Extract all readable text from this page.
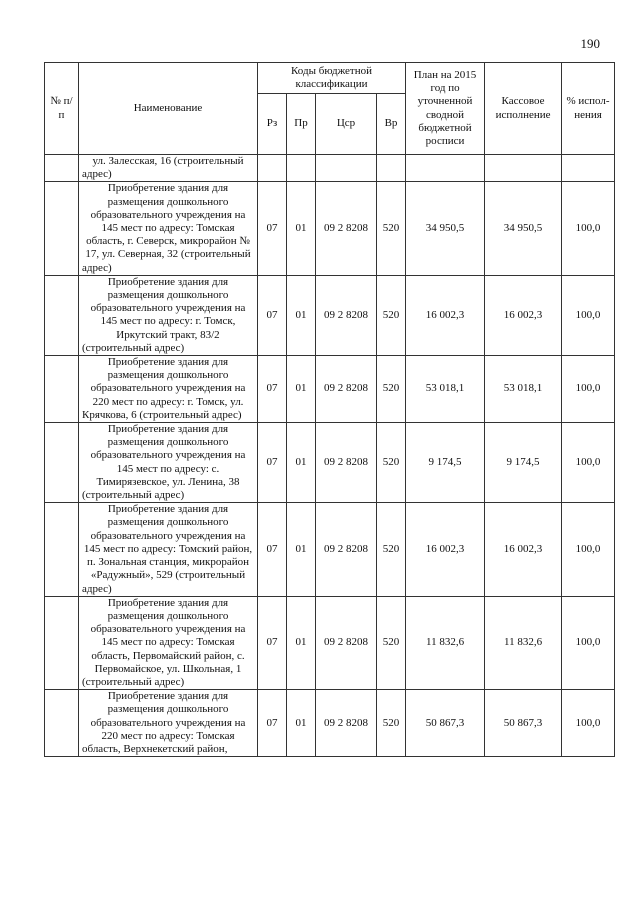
190
№ п/п	Наименование	Коды бюджетной классификации				План на 2015 год по уточненной сводной бюджетной росписи	Кассовое исполнение	% испол-нения
		Рз	Пр	Цср	Вр			
	ул. Залесская, 16 (строительный адрес)							
	Приобрeтение здания для размещения дошкольного образовательного учреждения на 145 мест по адресу: Томская область, г. Северск, микрорайон № 17, ул. Северная, 32 (строительный адрес)	07	01	09 2 8208	520	34 950,5	34 950,5	100,0
	Приобретение здания для размещения дошкольного образовательного учреждения на 145 мест по адресу: г. Томск, Иркутский тракт, 83/2 (строительный адрес)	07	01	09 2 8208	520	16 002,3	16 002,3	100,0
	Приобретение здания для размещения дошкольного образовательного учреждения на 220 мест по адресу: г. Томск, ул. Крячкова, 6 (строительный адрес)	07	01	09 2 8208	520	53 018,1	53 018,1	100,0
	Приобретение здания для размещения дошкольного образовательного учреждения на 145 мест по адресу: с. Тимирязевское, ул. Ленина, 38 (строительный адрес)	07	01	09 2 8208	520	9 174,5	9 174,5	100,0
	Приобретение здания для размещения дошкольного образовательного учреждения на 145 мест по адресу: Томский район, п. Зональная станция, микрорайон «Радужный», 529 (строительный адрес)	07	01	09 2 8208	520	16 002,3	16 002,3	100,0
	Приобретение здания для размещения дошкольного образовательного учреждения на 145 мест по адресу: Томская область, Первомайский район, с. Первомайское, ул. Школьная, 1 (строительный адрес)	07	01	09 2 8208	520	11 832,6	11 832,6	100,0
	Приобретение здания для размещения дошкольного образовательного учреждения на 220 мест по адресу: Томская область, Верхнекетский район,	07	01	09 2 8208	520	50 867,3	50 867,3	100,0
